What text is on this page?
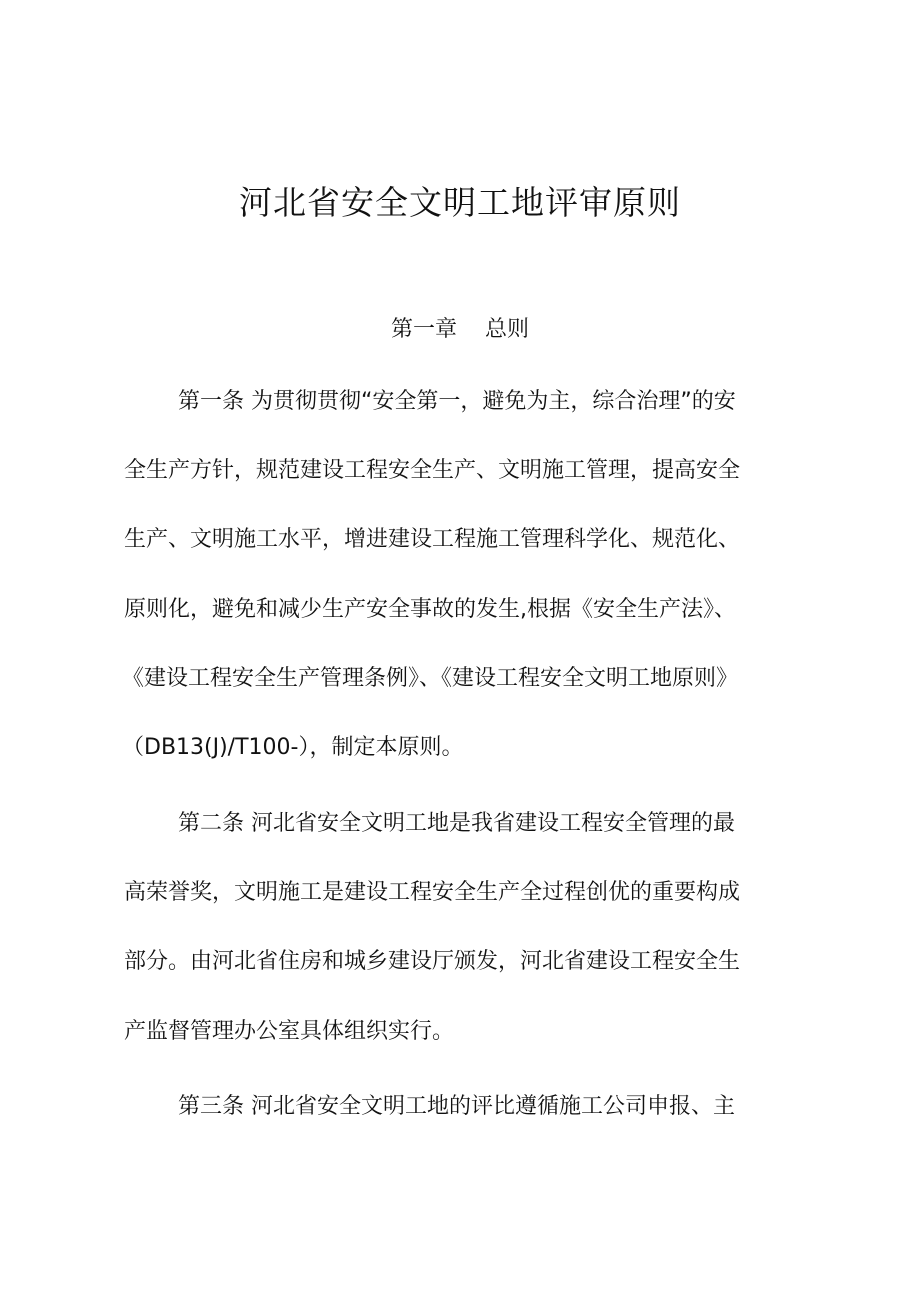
河北省安全文明工地评审原则
第一章    总则

第一条 为贯彻贯彻“安全第一，避免为主，综合治理”的安

全生产方针，规范建设工程安全生产、文明施工管理，提高安全

生产、文明施工水平，增进建设工程施工管理科学化、规范化、

原则化，避免和减少生产安全事故的发生,根据《安全生产法》、

《建设工程安全生产管理条例》、《建设工程安全文明工地原则》

（DB13(J)/T100-），制定本原则。

第二条 河北省安全文明工地是我省建设工程安全管理的最

高荣誉奖，文明施工是建设工程安全生产全过程创优的重要构成

部分。由河北省住房和城乡建设厅颁发，河北省建设工程安全生

产监督管理办公室具体组织实行。

第三条 河北省安全文明工地的评比遵循施工公司申报、主
